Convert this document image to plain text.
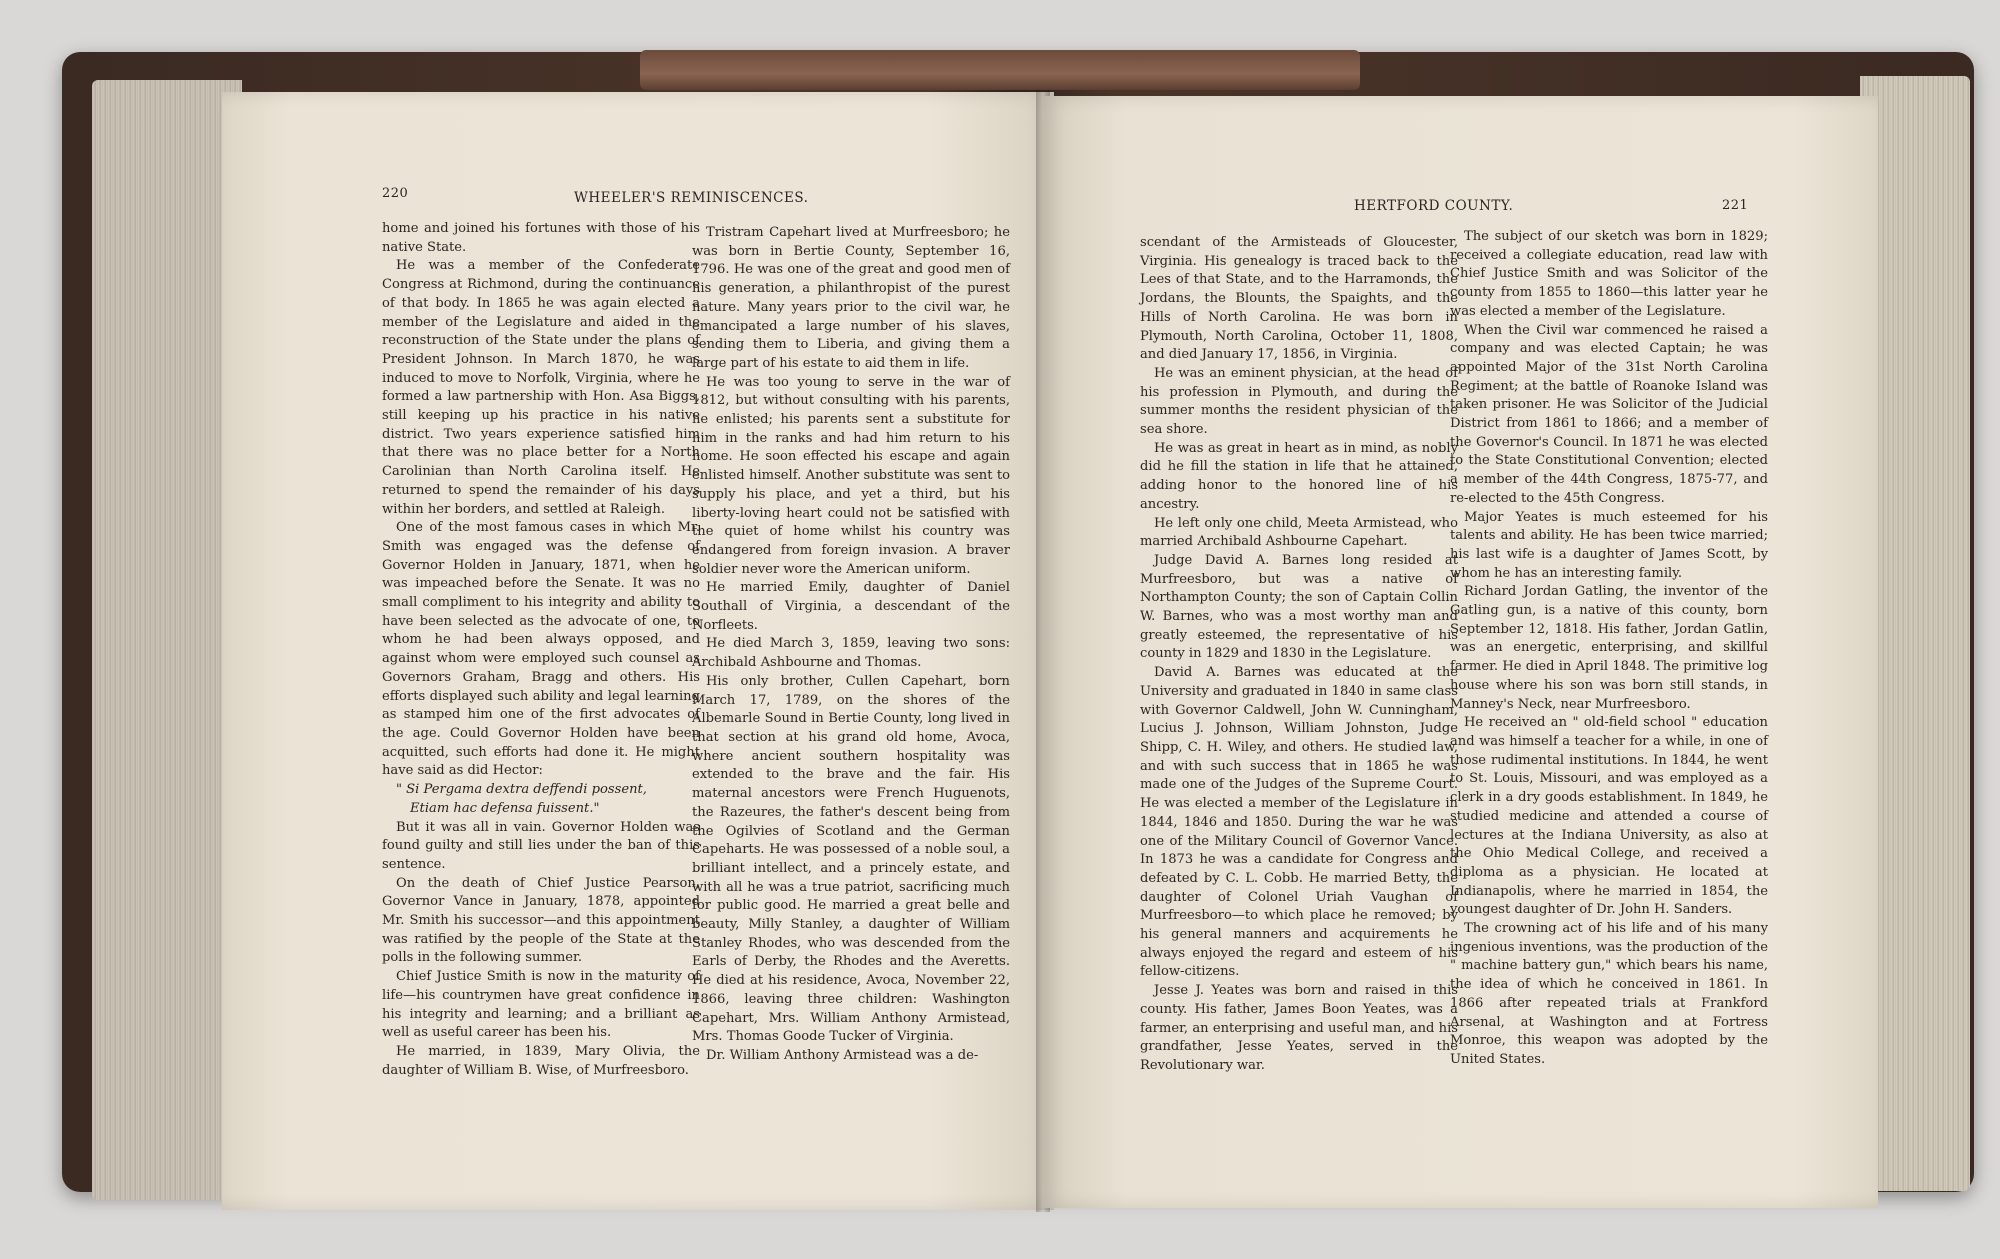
220	WHEELER'S REMINISCENCES.

home and joined his fortunes with those of his native State.

He was a member of the Confederate Congress at Richmond, during the continuance of that body. In 1865 he was again elected a member of the Legislature and aided in the reconstruction of the State under the plans of President Johnson. In March 1870, he was induced to move to Norfolk, Virginia, where he formed a law partnership with Hon. Asa Biggs, still keeping up his practice in his native district. Two years experience satisfied him that there was no place better for a North Carolinian than North Carolina itself. He returned to spend the remainder of his days within her borders, and settled at Raleigh.

One of the most famous cases in which Mr. Smith was engaged was the defense of Governor Holden in January, 1871, when he was impeached before the Senate. It was no small compliment to his integrity and ability to have been selected as the advocate of one, to whom he had been always opposed, and against whom were employed such counsel as Governors Graham, Bragg and others. His efforts displayed such ability and legal learning as stamped him one of the first advocates of the age. Could Governor Holden have been acquitted, such efforts had done it. He might have said as did Hector:

" Si Pergama dextra deffendi possent,

Etiam hac defensa fuissent."

But it was all in vain. Governor Holden was found guilty and still lies under the ban of this sentence.

On the death of Chief Justice Pearson, Governor Vance in January, 1878, appointed Mr. Smith his successor—and this appointment was ratified by the people of the State at the polls in the following summer.

Chief Justice Smith is now in the maturity of life—his countrymen have great confidence in his integrity and learning; and a brilliant as well as useful career has been his.

He married, in 1839, Mary Olivia, the daughter of William B. Wise, of Murfreesboro.

Tristram Capehart lived at Murfreesboro; he was born in Bertie County, September 16, 1796. He was one of the great and good men of his generation, a philanthropist of the purest nature. Many years prior to the civil war, he emancipated a large number of his slaves, sending them to Liberia, and giving them a large part of his estate to aid them in life.

He was too young to serve in the war of 1812, but without consulting with his parents, he enlisted; his parents sent a substitute for him in the ranks and had him return to his home. He soon effected his escape and again enlisted himself. Another substitute was sent to supply his place, and yet a third, but his liberty-loving heart could not be satisfied with the quiet of home whilst his country was endangered from foreign invasion. A braver soldier never wore the American uniform.

He married Emily, daughter of Daniel Southall of Virginia, a descendant of the Norfleets.

He died March 3, 1859, leaving two sons: Archibald Ashbourne and Thomas.

His only brother, Cullen Capehart, born March 17, 1789, on the shores of the Albemarle Sound in Bertie County, long lived in that section at his grand old home, Avoca, where ancient southern hospitality was extended to the brave and the fair. His maternal ancestors were French Huguenots, the Razeures, the father's descent being from the Ogilvies of Scotland and the German Capeharts. He was possessed of a noble soul, a brilliant intellect, and a princely estate, and with all he was a true patriot, sacrificing much for public good. He married a great belle and beauty, Milly Stanley, a daughter of William Stanley Rhodes, who was descended from the Earls of Derby, the Rhodes and the Averetts. He died at his residence, Avoca, November 22, 1866, leaving three children: Washington Capehart, Mrs. William Anthony Armistead, Mrs. Thomas Goode Tucker of Virginia.

Dr. William Anthony Armistead was a de-

HERTFORD COUNTY.	221

scendant of the Armisteads of Gloucester, Virginia. His genealogy is traced back to the Lees of that State, and to the Harramonds, the Jordans, the Blounts, the Spaights, and the Hills of North Carolina. He was born in Plymouth, North Carolina, October 11, 1808, and died January 17, 1856, in Virginia.

He was an eminent physician, at the head of his profession in Plymouth, and during the summer months the resident physician of the sea shore.

He was as great in heart as in mind, as nobly did he fill the station in life that he attained, adding honor to the honored line of his ancestry.

He left only one child, Meeta Armistead, who married Archibald Ashbourne Capehart.

Judge David A. Barnes long resided at Murfreesboro, but was a native of Northampton County; the son of Captain Collin W. Barnes, who was a most worthy man and greatly esteemed, the representative of his county in 1829 and 1830 in the Legislature.

David A. Barnes was educated at the University and graduated in 1840 in same class with Governor Caldwell, John W. Cunningham, Lucius J. Johnson, William Johnston, Judge Shipp, C. H. Wiley, and others. He studied law, and with such success that in 1865 he was made one of the Judges of the Supreme Court. He was elected a member of the Legislature in 1844, 1846 and 1850. During the war he was one of the Military Council of Governor Vance. In 1873 he was a candidate for Congress and defeated by C. L. Cobb. He married Betty, the daughter of Colonel Uriah Vaughan of Murfreesboro—to which place he removed; by his general manners and acquirements he always enjoyed the regard and esteem of his fellow-citizens.

Jesse J. Yeates was born and raised in this county. His father, James Boon Yeates, was a farmer, an enterprising and useful man, and his grandfather, Jesse Yeates, served in the Revolutionary war.

The subject of our sketch was born in 1829; received a collegiate education, read law with Chief Justice Smith and was Solicitor of the county from 1855 to 1860—this latter year he was elected a member of the Legislature.

When the Civil war commenced he raised a company and was elected Captain; he was appointed Major of the 31st North Carolina Regiment; at the battle of Roanoke Island was taken prisoner. He was Solicitor of the Judicial District from 1861 to 1866; and a member of the Governor's Council. In 1871 he was elected to the State Constitutional Convention; elected a member of the 44th Congress, 1875-77, and re-elected to the 45th Congress.

Major Yeates is much esteemed for his talents and ability. He has been twice married; his last wife is a daughter of James Scott, by whom he has an interesting family.

Richard Jordan Gatling, the inventor of the Gatling gun, is a native of this county, born September 12, 1818. His father, Jordan Gatlin, was an energetic, enterprising, and skillful farmer. He died in April 1848. The primitive log house where his son was born still stands, in Manney's Neck, near Murfreesboro.

He received an " old-field school " education and was himself a teacher for a while, in one of those rudimental institutions. In 1844, he went to St. Louis, Missouri, and was employed as a clerk in a dry goods establishment. In 1849, he studied medicine and attended a course of lectures at the Indiana University, as also at the Ohio Medical College, and received a diploma as a physician. He located at Indianapolis, where he married in 1854, the youngest daughter of Dr. John H. Sanders.

The crowning act of his life and of his many ingenious inventions, was the production of the " machine battery gun," which bears his name, the idea of which he conceived in 1861. In 1866 after repeated trials at Frankford Arsenal, at Washington and at Fortress Monroe, this weapon was adopted by the United States.
